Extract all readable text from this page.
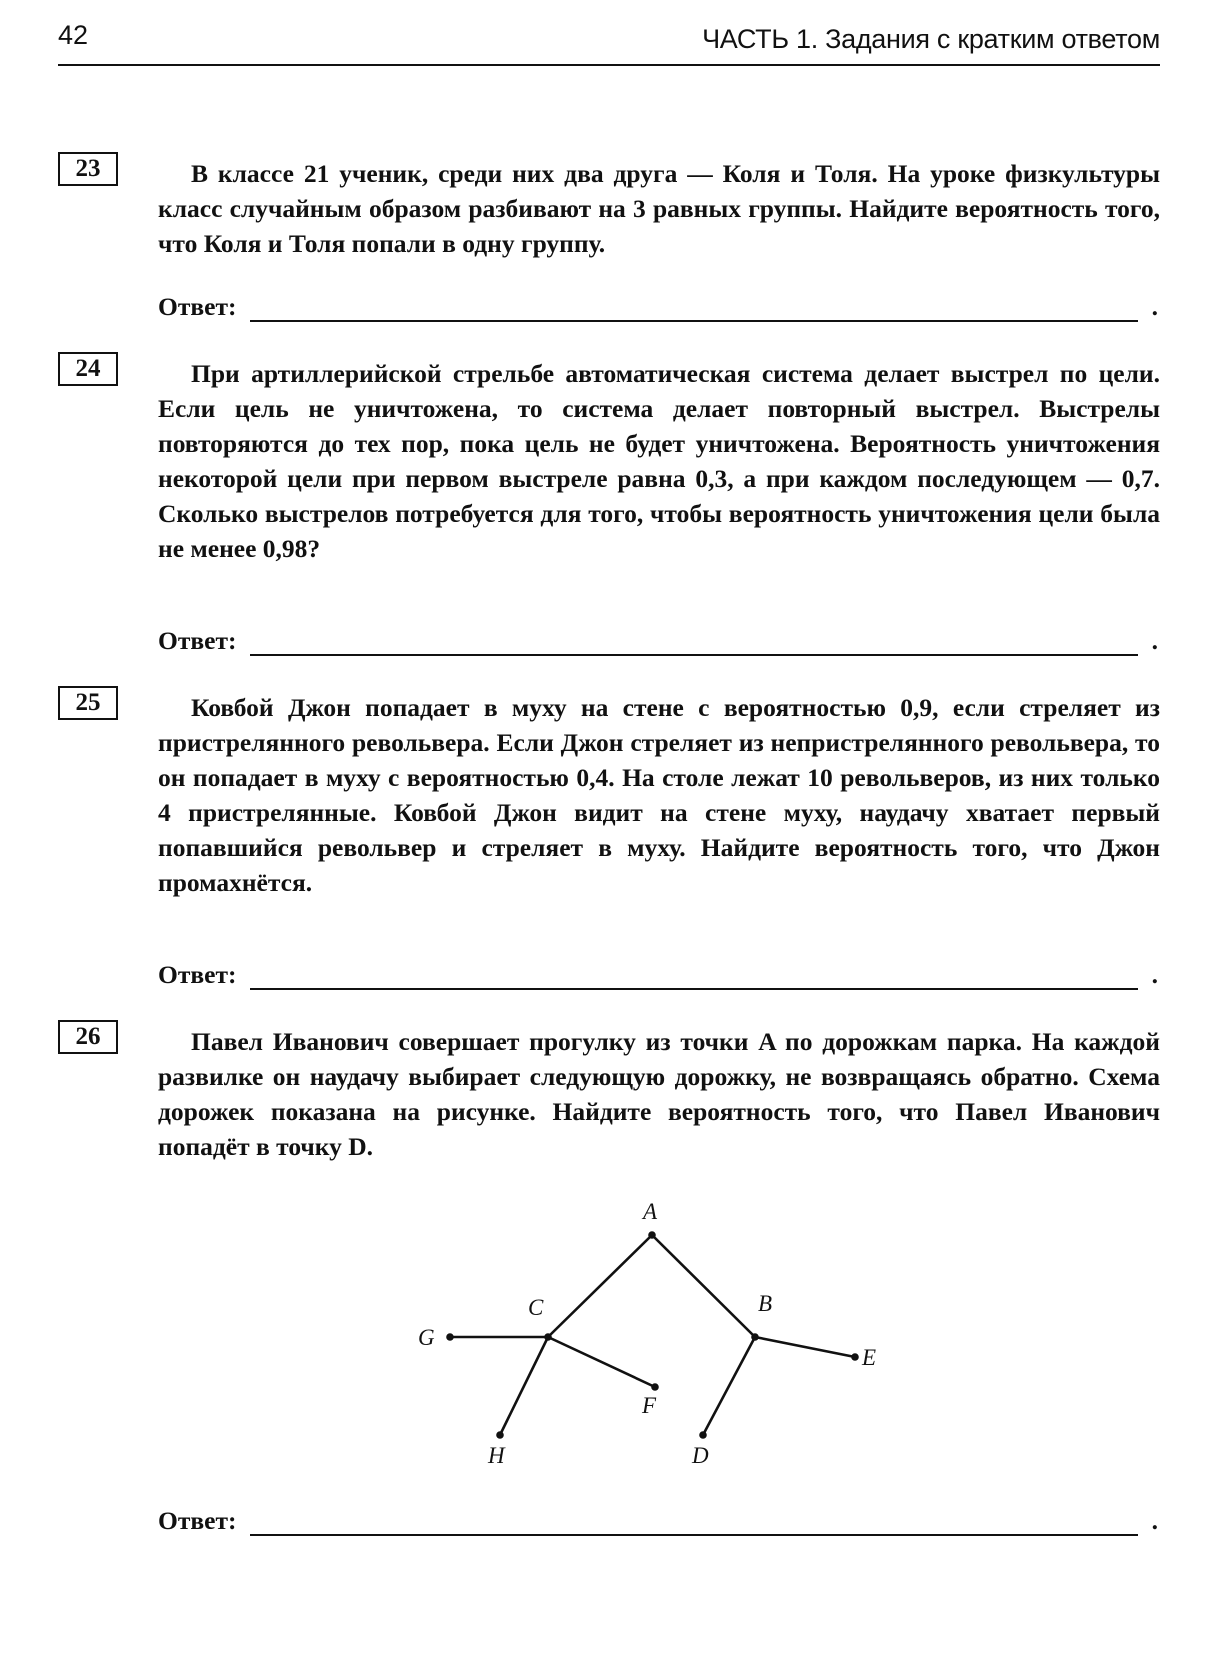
42	ЧАСТЬ 1. Задания с кратким ответом
23	В классе 21 ученик, среди них два друга — Коля и Толя. На уроке физкультуры класс случайным образом разбивают на 3 равных группы. Найдите вероятность того, что Коля и Толя попали в одну группу.

Ответ:	.
24	При артиллерийской стрельбе автоматическая система делает выстрел по цели. Если цель не уничтожена, то система делает повторный выстрел. Выстрелы повторяются до тех пор, пока цель не будет уничтожена. Вероятность уничтожения некоторой цели при первом выстреле равна 0,3, а при каждом последующем — 0,7. Сколько выстрелов потребуется для того, чтобы вероятность уничтожения цели была не менее 0,98?

Ответ:	.
25	Ковбой Джон попадает в муху на стене с вероятностью 0,9, если стреляет из пристрелянного револьвера. Если Джон стреляет из непристрелянного револьвера, то он попадает в муху с вероятностью 0,4. На столе лежат 10 револьверов, из них только 4 пристрелянные. Ковбой Джон видит на стене муху, наудачу хватает первый попавшийся револьвер и стреляет в муху. Найдите вероятность того, что Джон промахнётся.

Ответ:	.
26	Павел Иванович совершает прогулку из точки A по дорожкам парка. На каждой развилке он наудачу выбирает следующую дорожку, не возвращаясь обратно. Схема дорожек показана на рисунке. Найдите вероятность того, что Павел Иванович попадёт в точку D.

Ответ:	.
A
B
C
D
E
F
G
H
